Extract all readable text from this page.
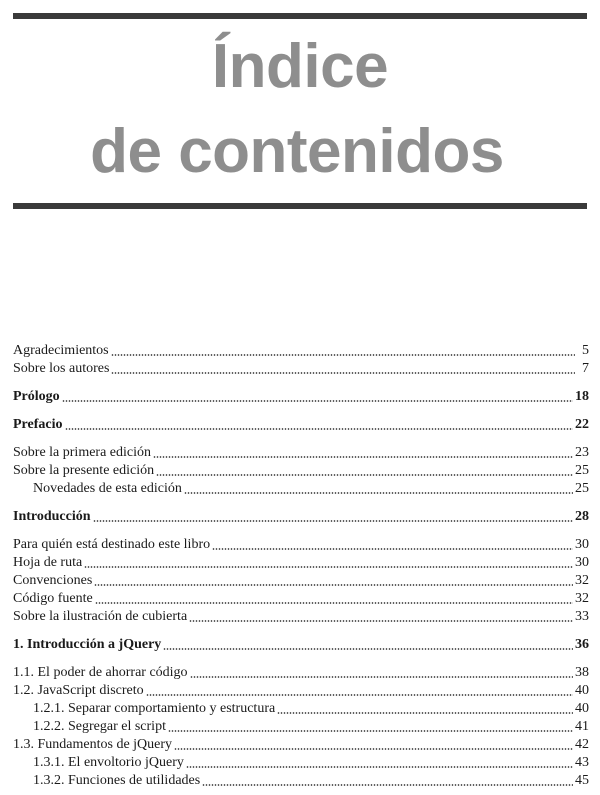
Índice
de contenidos
Agradecimientos	5
Sobre los autores	7
Prólogo	18
Prefacio	22
Sobre la primera edición	23
Sobre la presente edición	25
Novedades de esta edición	25
Introducción	28
Para quién está destinado este libro	30
Hoja de ruta	30
Convenciones	32
Código fuente	32
Sobre la ilustración de cubierta	33
1. Introducción a jQuery	36
1.1. El poder de ahorrar código	38
1.2. JavaScript discreto	40
1.2.1. Separar comportamiento y estructura	40
1.2.2. Segregar el script	41
1.3. Fundamentos de jQuery	42
1.3.1. El envoltorio jQuery	43
1.3.2. Funciones de utilidades	45
